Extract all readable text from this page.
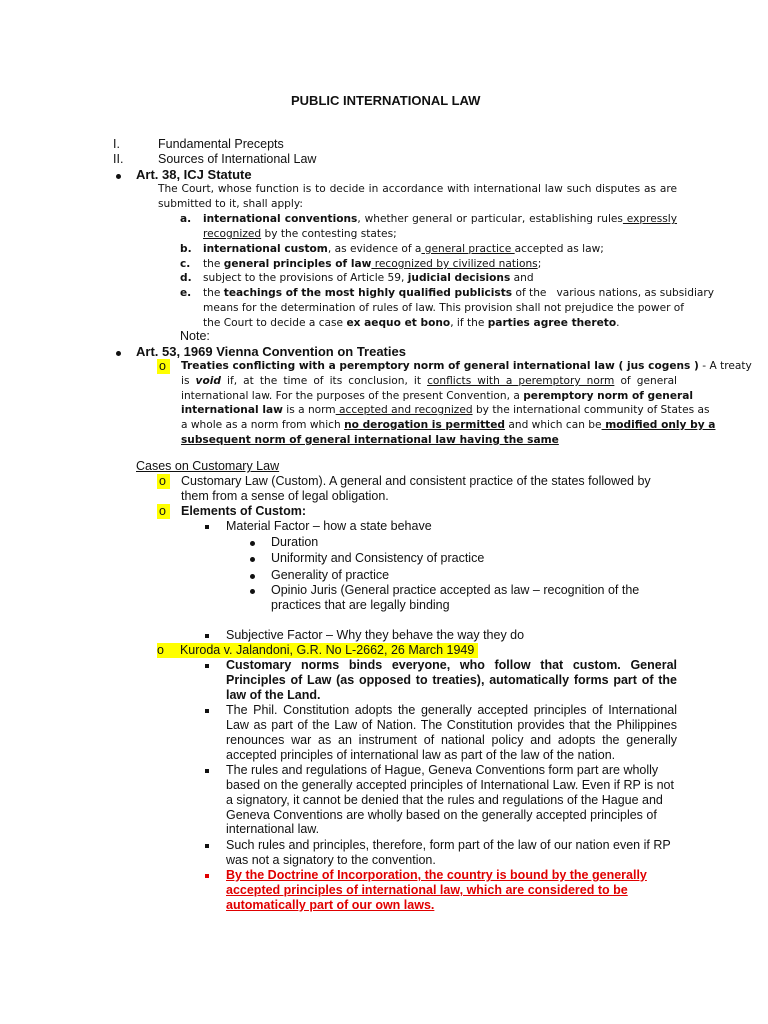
PUBLIC INTERNATIONAL LAW
I.	Fundamental Precepts
II.	Sources of International Law
Art. 38, ICJ Statute
The Court, whose function is to decide in accordance with international law such disputes as are
submitted to it, shall apply:
a. international conventions, whether general or particular, establishing rules expressly
recognized by the contesting states;
b. international custom, as evidence of a general practice accepted as law;
c. the general principles of law recognized by civilized nations;
d. subject to the provisions of Article 59, judicial decisions and
e. the teachings of the most highly qualified publicists of the   various nations, as subsidiary
means for the determination of rules of law. This provision shall not prejudice the power of
the Court to decide a case ex aequo et bono, if the parties agree thereto.
Note:
Art. 53, 1969 Vienna Convention on Treaties
o	Treaties conflicting with a peremptory norm of general international law ( jus cogens ) - A treaty
is void if, at the time of its conclusion, it conflicts with a peremptory norm of general
international law. For the purposes of the present Convention, a peremptory norm of general
international law is a norm accepted and recognized by the international community of States as
a whole as a norm from which no derogation is permitted and which can be modified only by a
subsequent norm of general international law having the same
Cases on Customary Law
o	Customary Law (Custom). A general and consistent practice of the states followed by
them from a sense of legal obligation.
o	Elements of Custom:
Material Factor – how a state behave
Duration
Uniformity and Consistency of practice
Generality of practice
Opinio Juris (General practice accepted as law – recognition of the
practices that are legally binding
Subjective Factor – Why they behave the way they do
o Kuroda v. Jalandoni, G.R. No L-2662, 26 March 1949
Customary norms binds everyone, who follow that custom. General
Principles of Law (as opposed to treaties), automatically forms part of the
law of the Land.
The Phil. Constitution adopts the generally accepted principles of International
Law as part of the Law of Nation. The Constitution provides that the Philippines
renounces war as an instrument of national policy and adopts the generally
accepted principles of international law as part of the law of the nation.
The rules and regulations of Hague, Geneva Conventions form part are wholly
based on the generally accepted principles of International Law. Even if RP is not
a signatory, it cannot be denied that the rules and regulations of the Hague and
Geneva Conventions are wholly based on the generally accepted principles of
international law.
Such rules and principles, therefore, form part of the law of our nation even if RP
was not a signatory to the convention.
By the Doctrine of Incorporation, the country is bound by the generally
accepted principles of international law, which are considered to be
automatically part of our own laws.
